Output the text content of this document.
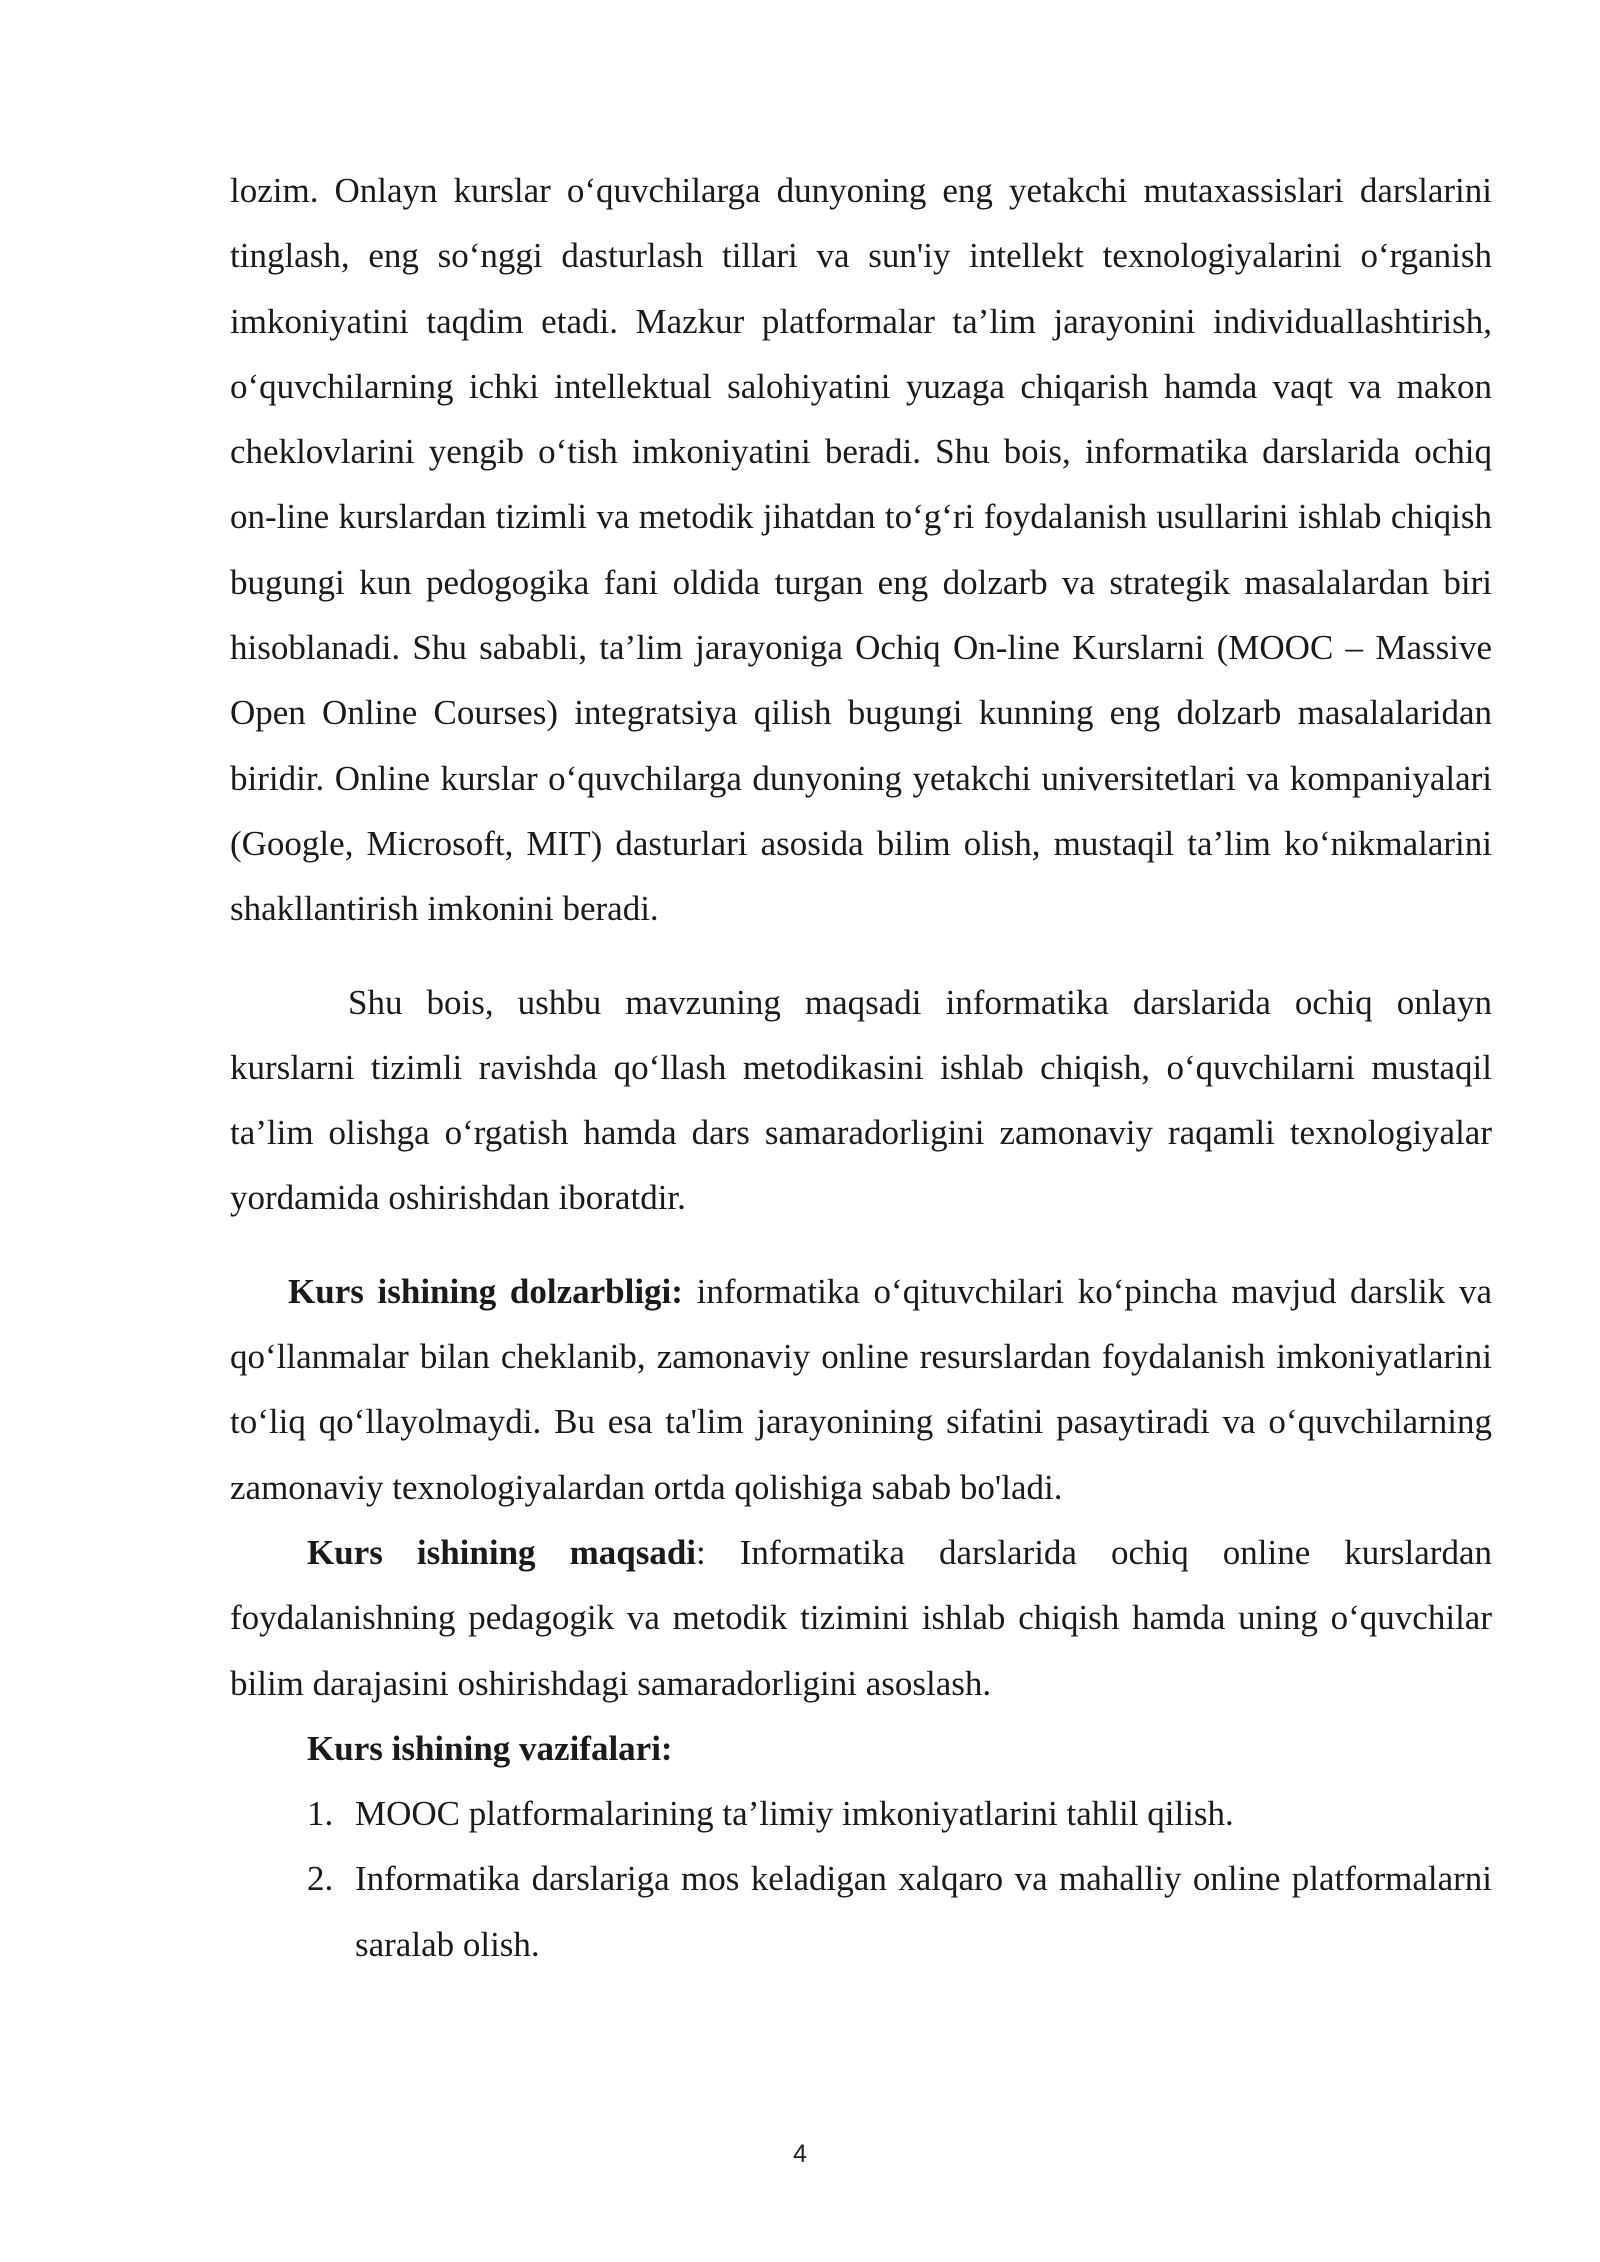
lozim. Onlayn kurslar o‘quvchilarga dunyoning eng yetakchi mutaxassislari darslarini tinglash, eng so‘nggi dasturlash tillari va sun'iy intellekt texnologiyalarini o‘rganish imkoniyatini taqdim etadi. Mazkur platformalar ta’lim jarayonini individuallashtirish, o‘quvchilarning ichki intellektual salohiyatini yuzaga chiqarish hamda vaqt va makon cheklovlarini yengib o‘tish imkoniyatini beradi. Shu bois, informatika darslarida ochiq on-line kurslardan tizimli va metodik jihatdan to‘g‘ri foydalanish usullarini ishlab chiqish bugungi kun pedogogika fani oldida turgan eng dolzarb va strategik masalalardan biri hisoblanadi. Shu sababli, ta’lim jarayoniga Ochiq On-line Kurslarni (MOOC – Massive Open Online Courses) integratsiya qilish bugungi kunning eng dolzarb masalalaridan biridir. Online kurslar o‘quvchilarga dunyoning yetakchi universitetlari va kompaniyalari (Google, Microsoft, MIT) dasturlari asosida bilim olish, mustaqil ta’lim ko‘nikmalarini shakllantirish imkonini beradi.

Shu bois, ushbu mavzuning maqsadi informatika darslarida ochiq onlayn kurslarni tizimli ravishda qo‘llash metodikasini ishlab chiqish, o‘quvchilarni mustaqil ta’lim olishga o‘rgatish hamda dars samaradorligini zamonaviy raqamli texnologiyalar yordamida oshirishdan iboratdir.

Kurs ishining dolzarbligi: informatika o‘qituvchilari ko‘pincha mavjud darslik va qo‘llanmalar bilan cheklanib, zamonaviy online resurslardan foydalanish imkoniyatlarini to‘liq qo‘llayolmaydi. Bu esa ta'lim jarayonining sifatini pasaytiradi va o‘quvchilarning zamonaviy texnologiyalardan ortda qolishiga sabab bo'ladi.

Kurs ishining maqsadi: Informatika darslarida ochiq online kurslardan foydalanishning pedagogik va metodik tizimini ishlab chiqish hamda uning o‘quvchilar bilim darajasini oshirishdagi samaradorligini asoslash.

Kurs ishining vazifalari:

1. MOOC platformalarining ta’limiy imkoniyatlarini tahlil qilish.
2. Informatika darslariga mos keladigan xalqaro va mahalliy online platformalarni saralab olish.
4
